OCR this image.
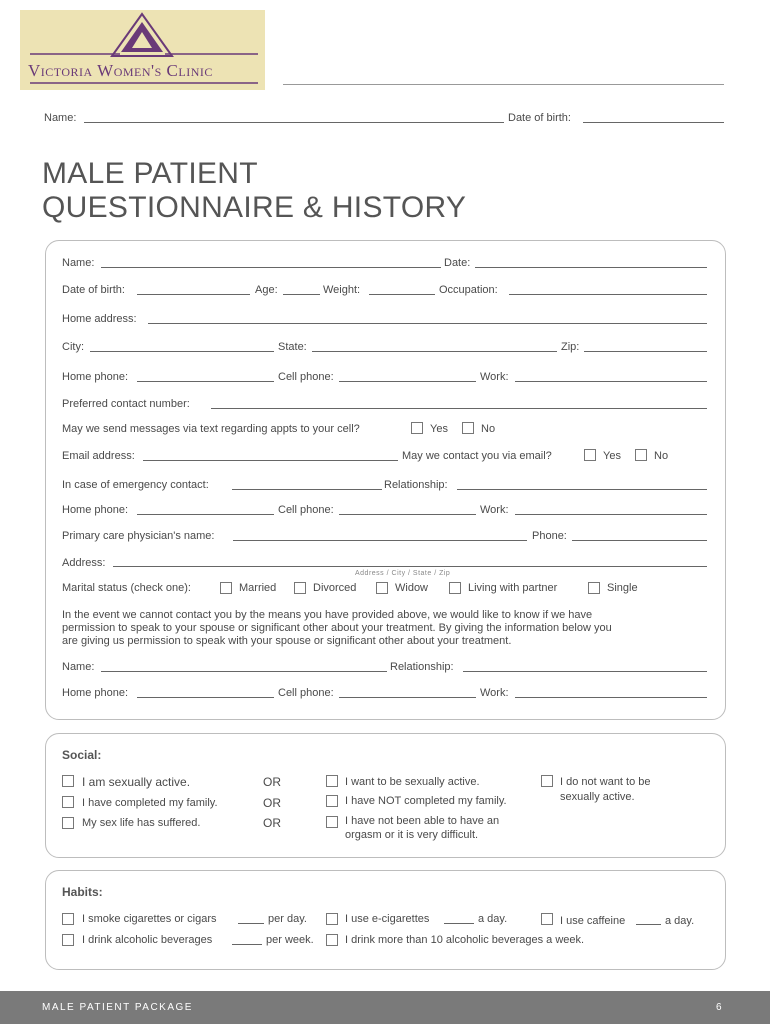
Victoria Women's Clinic
Name:	Date of birth:
MALE PATIENT
QUESTIONNAIRE & HISTORY
Name:	Date:
Date of birth:	Age:	Weight:	Occupation:
Home address:
City:	State:	Zip:
Home phone:	Cell phone:	Work:
Preferred contact number:
May we send messages via text regarding appts to your cell?	Yes	No
Email address:	May we contact you via email?	Yes	No
In case of emergency contact:	Relationship:
Home phone:	Cell phone:	Work:
Primary care physician's name:	Phone:
Address:
Address / City / State / Zip
Marital status (check one):	Married	Divorced	Widow	Living with partner	Single
In the event we cannot contact you by the means you have provided above, we would like to know if we have
permission to speak to your spouse or significant other about your treatment. By giving the information below you
are giving us permission to speak with your spouse or significant other about your treatment.
Name:	Relationship:
Home phone:	Cell phone:	Work:
Social:
I am sexually active.	OR	I want to be sexually active.	I do not want to be
sexually active.
I have completed my family.	OR	I have NOT completed my family.
My sex life has suffered.	OR	I have not been able to have an
orgasm or it is very difficult.
Habits:
I smoke cigarettes or cigars	per day.	I use e-cigarettes	a day.	I use caffeine	a day.
I drink alcoholic beverages	per week.	I drink more than 10 alcoholic beverages a week.
MALE PATIENT PACKAGE	6
